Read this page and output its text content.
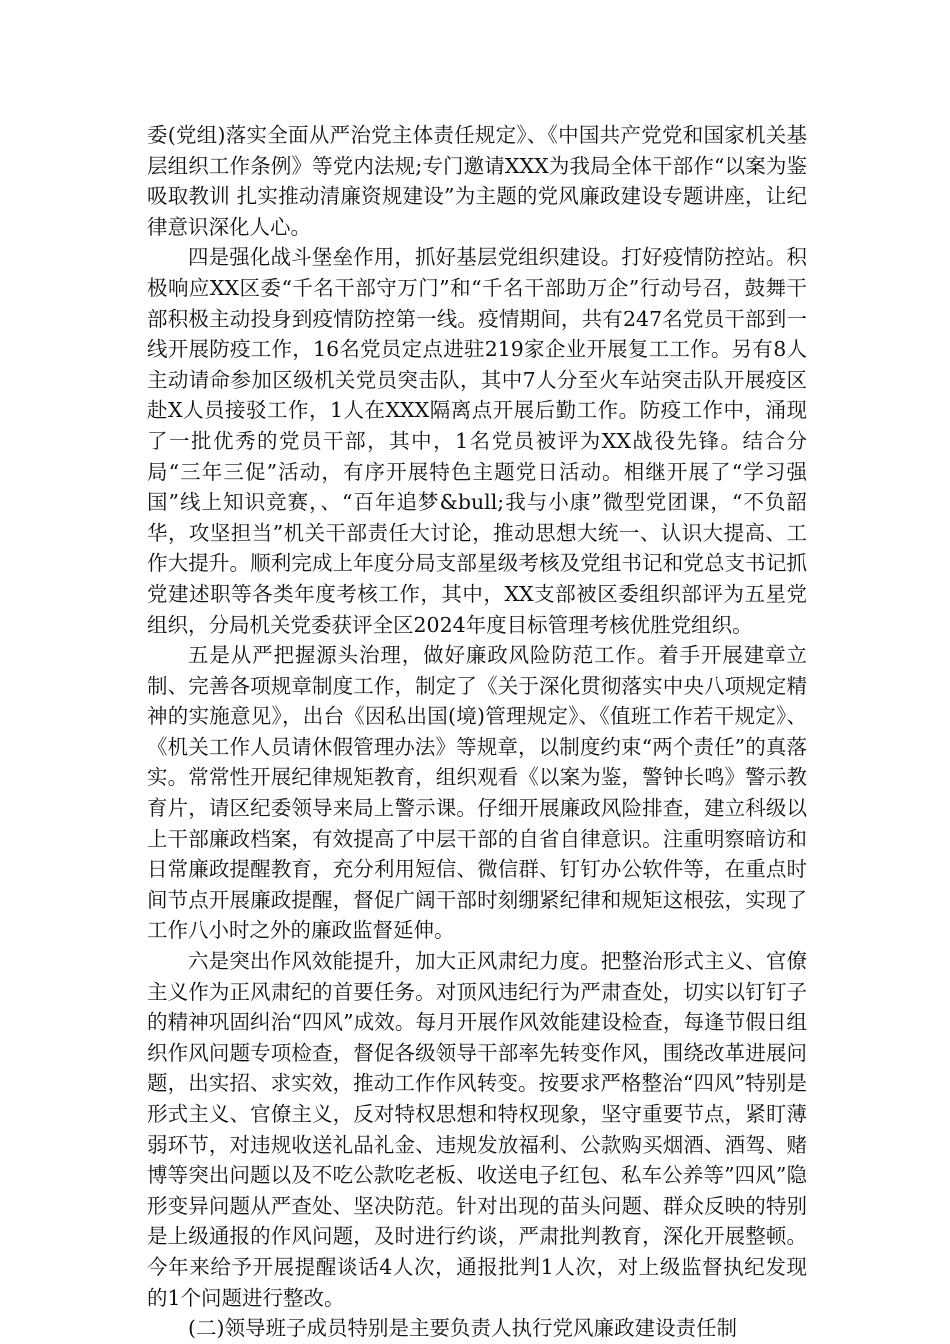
委(党组)落实全面从严治党主体责任规定》、《中国共产党党和国家机关基层组织工作条例》等党内法规;专门邀请XXX为我局全体干部作“以案为鉴 吸取教训 扎实推动清廉资规建设”为主题的党风廉政建设专题讲座，让纪律意识深化人心。

四是强化战斗堡垒作用，抓好基层党组织建设。打好疫情防控站。积极响应XX区委“千名干部守万门”和“千名干部助万企”行动号召，鼓舞干部积极主动投身到疫情防控第一线。疫情期间，共有247名党员干部到一线开展防疫工作，16名党员定点进驻219家企业开展复工工作。另有8人主动请命参加区级机关党员突击队，其中7人分至火车站突击队开展疫区赴X人员接驳工作，1人在XXX隔离点开展后勤工作。防疫工作中，涌现了一批优秀的党员干部，其中，1名党员被评为XX战役先锋。结合分局“三年三促”活动，有序开展特色主题党日活动。相继开展了“学习强国”线上知识竞赛，、“百年追梦&bull;我与小康”微型党团课，“不负韶华，攻坚担当”机关干部责任大讨论，推动思想大统一、认识大提高、工作大提升。顺利完成上年度分局支部星级考核及党组书记和党总支书记抓党建述职等各类年度考核工作，其中，XX支部被区委组织部评为五星党组织，分局机关党委获评全区2024年度目标管理考核优胜党组织。

五是从严把握源头治理，做好廉政风险防范工作。着手开展建章立制、完善各项规章制度工作，制定了《关于深化贯彻落实中央八项规定精神的实施意见》，出台《因私出国(境)管理规定》、《值班工作若干规定》、《机关工作人员请休假管理办法》等规章，以制度约束“两个责任”的真落实。常常性开展纪律规矩教育，组织观看《以案为鉴，警钟长鸣》警示教育片，请区纪委领导来局上警示课。仔细开展廉政风险排查，建立科级以上干部廉政档案，有效提高了中层干部的自省自律意识。注重明察暗访和日常廉政提醒教育，充分利用短信、微信群、钉钉办公软件等，在重点时间节点开展廉政提醒，督促广阔干部时刻绷紧纪律和规矩这根弦，实现了工作八小时之外的廉政监督延伸。

六是突出作风效能提升，加大正风肃纪力度。把整治形式主义、官僚主义作为正风肃纪的首要任务。对顶风违纪行为严肃查处，切实以钉钉子的精神巩固纠治“四风”成效。每月开展作风效能建设检查，每逢节假日组织作风问题专项检查，督促各级领导干部率先转变作风，围绕改革进展问题，出实招、求实效，推动工作作风转变。按要求严格整治“四风”特别是形式主义、官僚主义，反对特权思想和特权现象，坚守重要节点，紧盯薄弱环节，对违规收送礼品礼金、违规发放福利、公款购买烟酒、酒驾、赌博等突出问题以及不吃公款吃老板、收送电子红包、私车公养等”四风”隐形变异问题从严查处、坚决防范。针对出现的苗头问题、群众反映的特别是上级通报的作风问题，及时进行约谈，严肃批判教育，深化开展整顿。今年来给予开展提醒谈话4人次，通报批判1人次，对上级监督执纪发现的1个问题进行整改。

(二)领导班子成员特别是主要负责人执行党风廉政建设责任制
